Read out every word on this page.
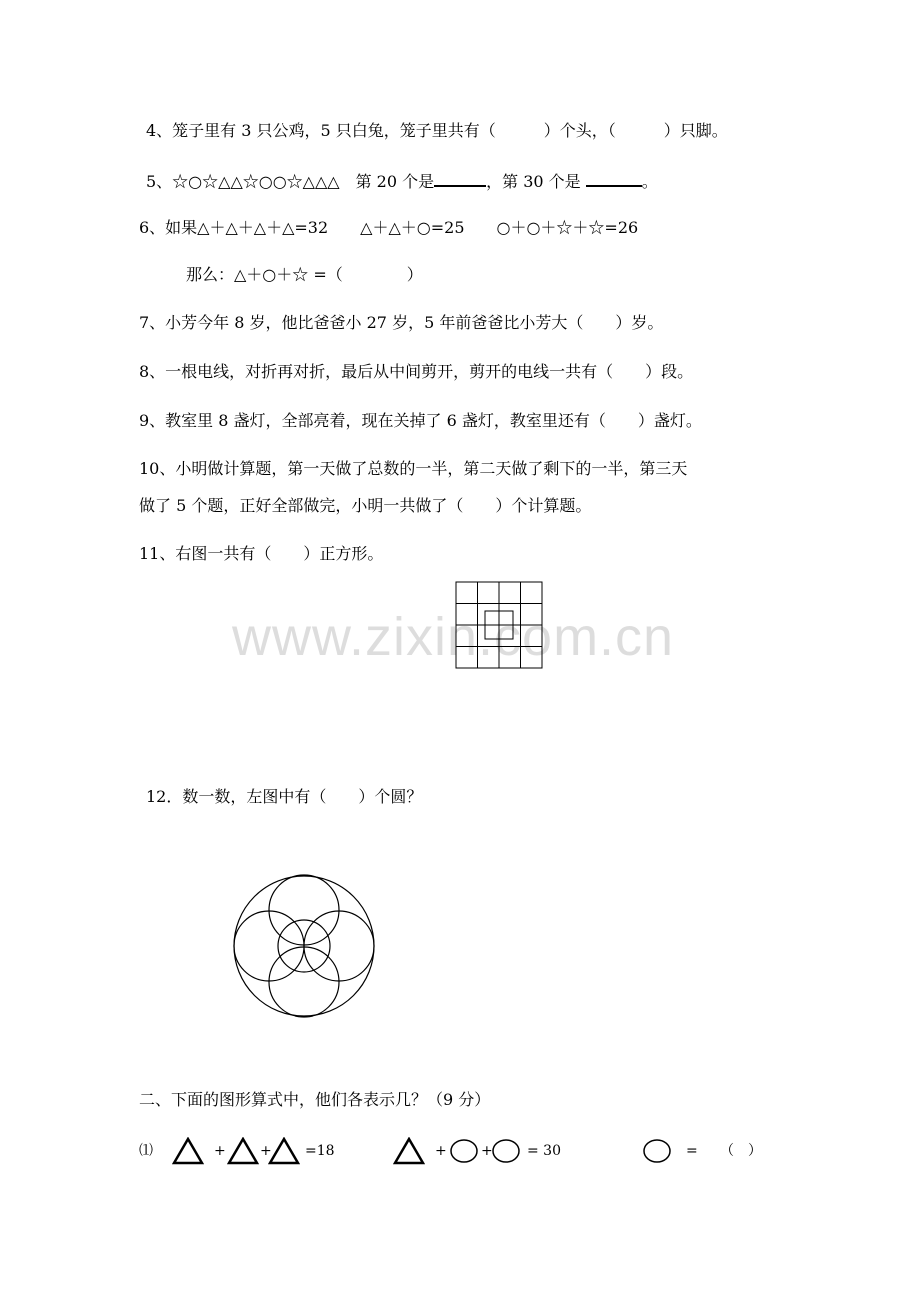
www.zixin.com.cn
4、笼子里有 3 只公鸡，5 只白兔，笼子里共有（　　　）个头，（　　　）只脚。
5、☆○☆△△☆○○☆△△△　第 20 个是	，第 30 个是	。
6、如果△＋△＋△＋△=32　　△＋△＋○=25　　○＋○＋☆＋☆=26
那么：△＋○＋☆ =（　　　　）
7、小芳今年 8 岁，他比爸爸小 27 岁，5 年前爸爸比小芳大（　　）岁。
8、一根电线，对折再对折，最后从中间剪开，剪开的电线一共有（　　）段。
9、教室里 8 盏灯，全部亮着，现在关掉了 6 盏灯，教室里还有（　　）盏灯。
10、小明做计算题，第一天做了总数的一半，第二天做了剩下的一半，第三天
做了 5 个题，正好全部做完，小明一共做了（　　）个计算题。
11、右图一共有（　　）正方形。
12．数一数，左图中有（　　）个圆？
二、下面的图形算式中，他们各表示几？（9 分）
⑴	+ + =18	+ + = 30	= （　）
